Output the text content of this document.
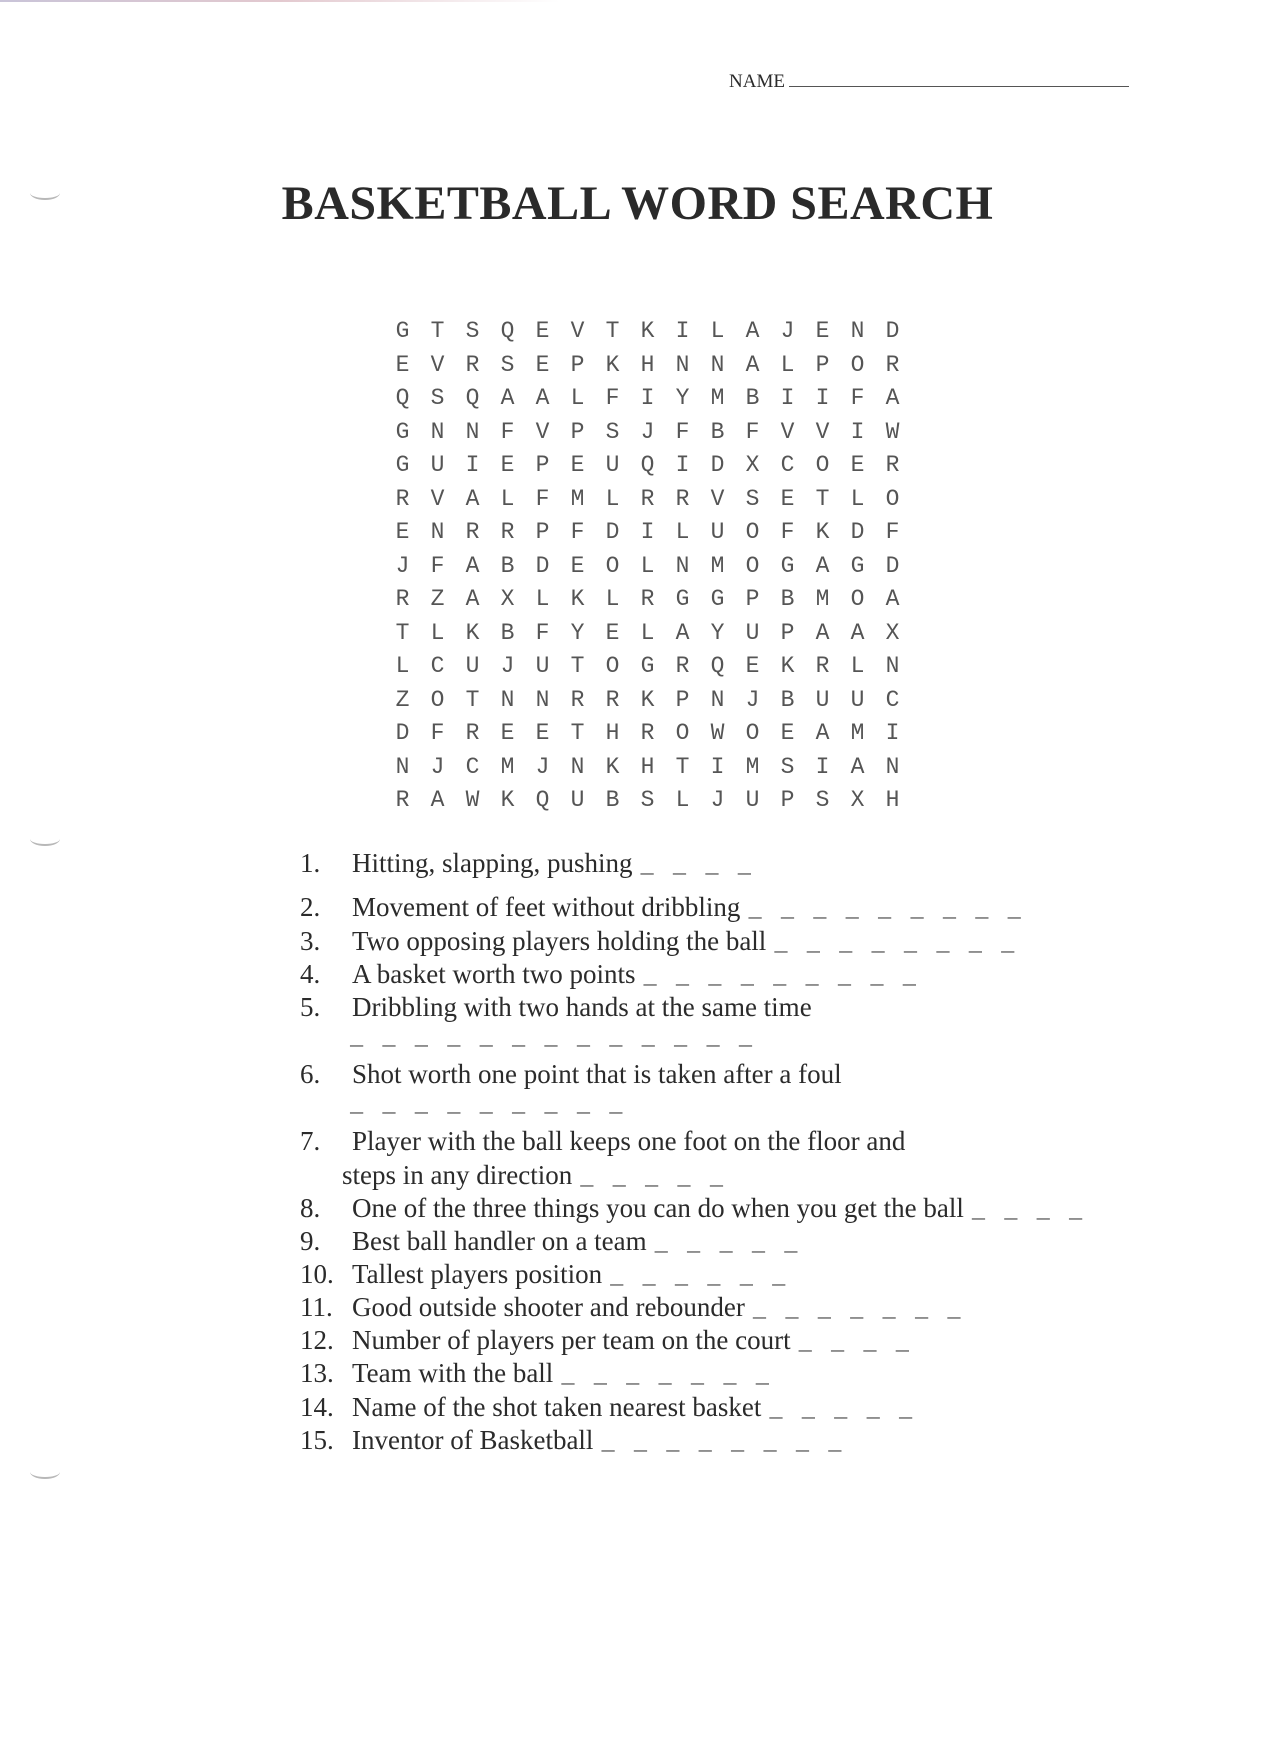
NAME
BASKETBALL WORD SEARCH
G T S Q E V T K I L A J E N D
E V R S E P K H N N A L P O R
Q S Q A A L F I Y M B I I F A
G N N F V P S J F B F V V I W
G U I E P E U Q I D X C O E R
R V A L F M L R R V S E T L O
E N R R P F D I L U O F K D F
J F A B D E O L N M O G A G D
R Z A X L K L R G G P B M O A
T L K B F Y E L A Y U P A A X
L C U J U T O G R Q E K R L N
Z O T N N R R K P N J B U U C
D F R E E T H R O W O E A M I
N J C M J N K H T I M S I A N
R A W K Q U B S L J U P S X H
1. Hitting, slapping, pushing _ _ _ _
2. Movement of feet without dribbling _ _ _ _ _ _ _ _ _
3. Two opposing players holding the ball _ _ _ _ _ _ _ _
4. A basket worth two points _ _ _ _ _ _ _ _ _
5. Dribbling with two hands at the same time
_ _ _ _ _ _ _ _ _ _ _ _ _
6. Shot worth one point that is taken after a foul
_ _ _ _ _ _ _ _ _
7. Player with the ball keeps one foot on the floor and
steps in any direction _ _ _ _ _
8. One of the three things you can do when you get the ball _ _ _ _
9. Best ball handler on a team _ _ _ _ _
10. Tallest players position _ _ _ _ _ _
11. Good outside shooter and rebounder _ _ _ _ _ _ _
12. Number of players per team on the court _ _ _ _
13. Team with the ball _ _ _ _ _ _ _
14. Name of the shot taken nearest basket _ _ _ _ _
15. Inventor of Basketball _ _ _ _ _ _ _ _
